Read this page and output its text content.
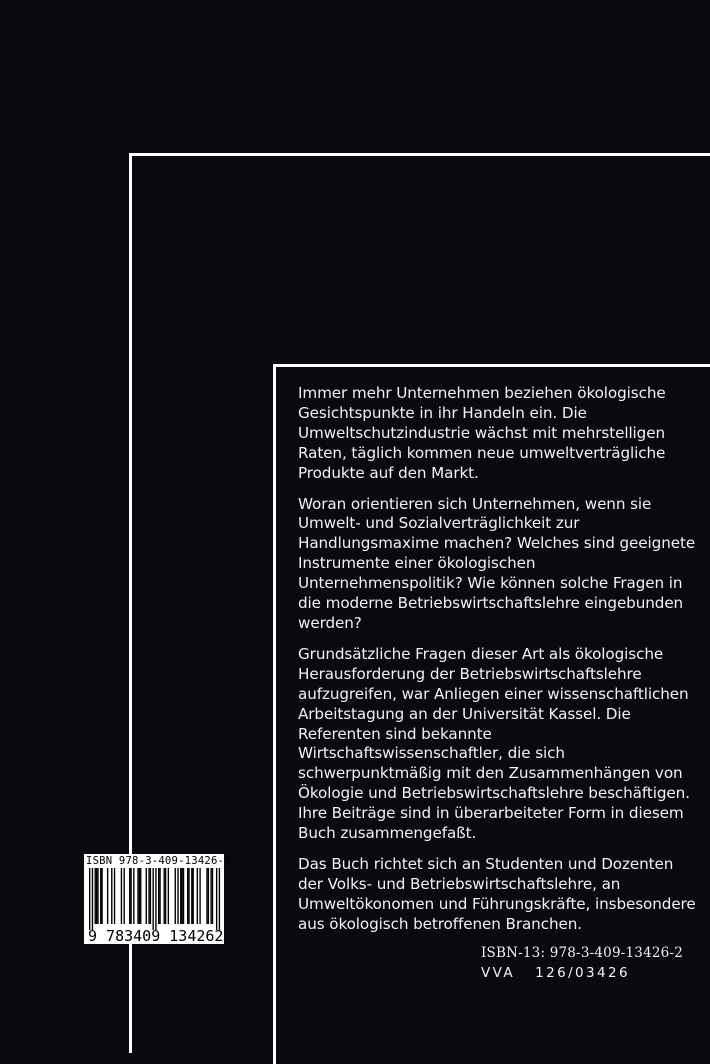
Immer mehr Unternehmen beziehen ökologische Gesichtspunkte in ihr Handeln ein. Die Umweltschutzindustrie wächst mit mehrstelligen Raten, täglich kommen neue umweltverträgliche Produkte auf den Markt.

Woran orientieren sich Unternehmen, wenn sie Umwelt- und Sozialverträglichkeit zur Handlungsmaxime machen? Welches sind geeignete Instrumente einer ökologischen Unternehmenspolitik? Wie können solche Fragen in die moderne Betriebswirtschaftslehre eingebunden werden?

Grundsätzliche Fragen dieser Art als ökologische Herausforderung der Betriebswirtschaftslehre aufzugreifen, war Anliegen einer wissenschaftlichen Arbeitstagung an der Universität Kassel. Die Referenten sind bekannte Wirtschaftswissenschaftler, die sich schwerpunktmäßig mit den Zusammenhängen von Ökologie und Betriebswirtschaftslehre beschäftigen. Ihre Beiträge sind in überarbeiteter Form in diesem Buch zusammengefaßt.

Das Buch richtet sich an Studenten und Dozenten der Volks- und Betriebswirtschaftslehre, an Umweltökonomen und Führungskräfte, insbesondere aus ökologisch betroffenen Branchen.

ISBN 978-3-409-13426-2
9 783409 134262
ISBN-13: 978-3-409-13426-2
VVA   126/03426
